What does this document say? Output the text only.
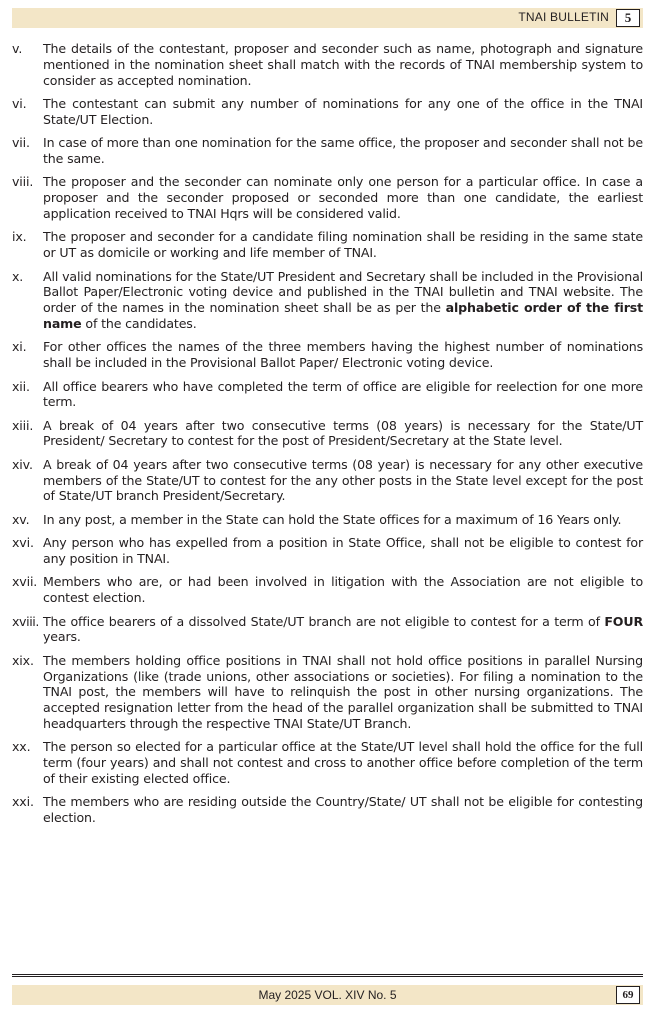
TNAI BULLETIN	5
v.	The details of the contestant, proposer and seconder such as name, photograph and signature mentioned in the nomination sheet shall match with the records of TNAI membership system to consider as accepted nomination.
vi.	The contestant can submit any number of nominations for any one of the office in the TNAI State/UT Election.
vii.	In case of more than one nomination for the same office, the proposer and seconder shall not be the same.
viii. The proposer and the seconder can nominate only one person for a particular office. In case a proposer and the seconder proposed or seconded more than one candidate, the earliest application received to TNAI Hqrs will be considered valid.
ix.	The proposer and seconder for a candidate filing nomination shall be residing in the same state or UT as domicile or working and life member of TNAI.
x.	All valid nominations for the State/UT President and Secretary shall be included in the Provisional Ballot Paper/Electronic voting device and published in the TNAI bulletin and TNAI website. The order of the names in the nomination sheet shall be as per the alphabetic order of the first name of the candidates.
xi.	For other offices the names of the three members having the highest number of nominations shall be included in the Provisional Ballot Paper/ Electronic voting device.
xii.	All office bearers who have completed the term of office are eligible for reelection for one more term.
xiii. A break of 04 years after two consecutive terms (08 years) is necessary for the State/UT President/ Secretary to contest for the post of President/Secretary at the State level.
xiv. A break of 04 years after two consecutive terms (08 year) is necessary for any other executive members of the State/UT to contest for the any other posts in the State level except for the post of State/UT branch President/Secretary.
xv.	In any post, a member in the State can hold the State offices for a maximum of 16 Years only.
xvi. Any person who has expelled from a position in State Office, shall not be eligible to contest for any position in TNAI.
xvii. Members who are, or had been involved in litigation with the Association are not eligible to contest election.
xviii. The office bearers of a dissolved State/UT branch are not eligible to contest for a term of FOUR years.
xix. The members holding office positions in TNAI shall not hold office positions in parallel Nursing Organizations (like (trade unions, other associations or societies). For filing a nomination to the TNAI post, the members will have to relinquish the post in other nursing organizations. The accepted resignation letter from the head of the parallel organization shall be submitted to TNAI headquarters through the respective TNAI State/UT Branch.
xx. The person so elected for a particular office at the State/UT level shall hold the office for the full term (four years) and shall not contest and cross to another office before completion of the term of their existing elected office.
xxi. The members who are residing outside the Country/State/ UT shall not be eligible for contesting election.
May 2025 VOL. XIV No. 5	69
